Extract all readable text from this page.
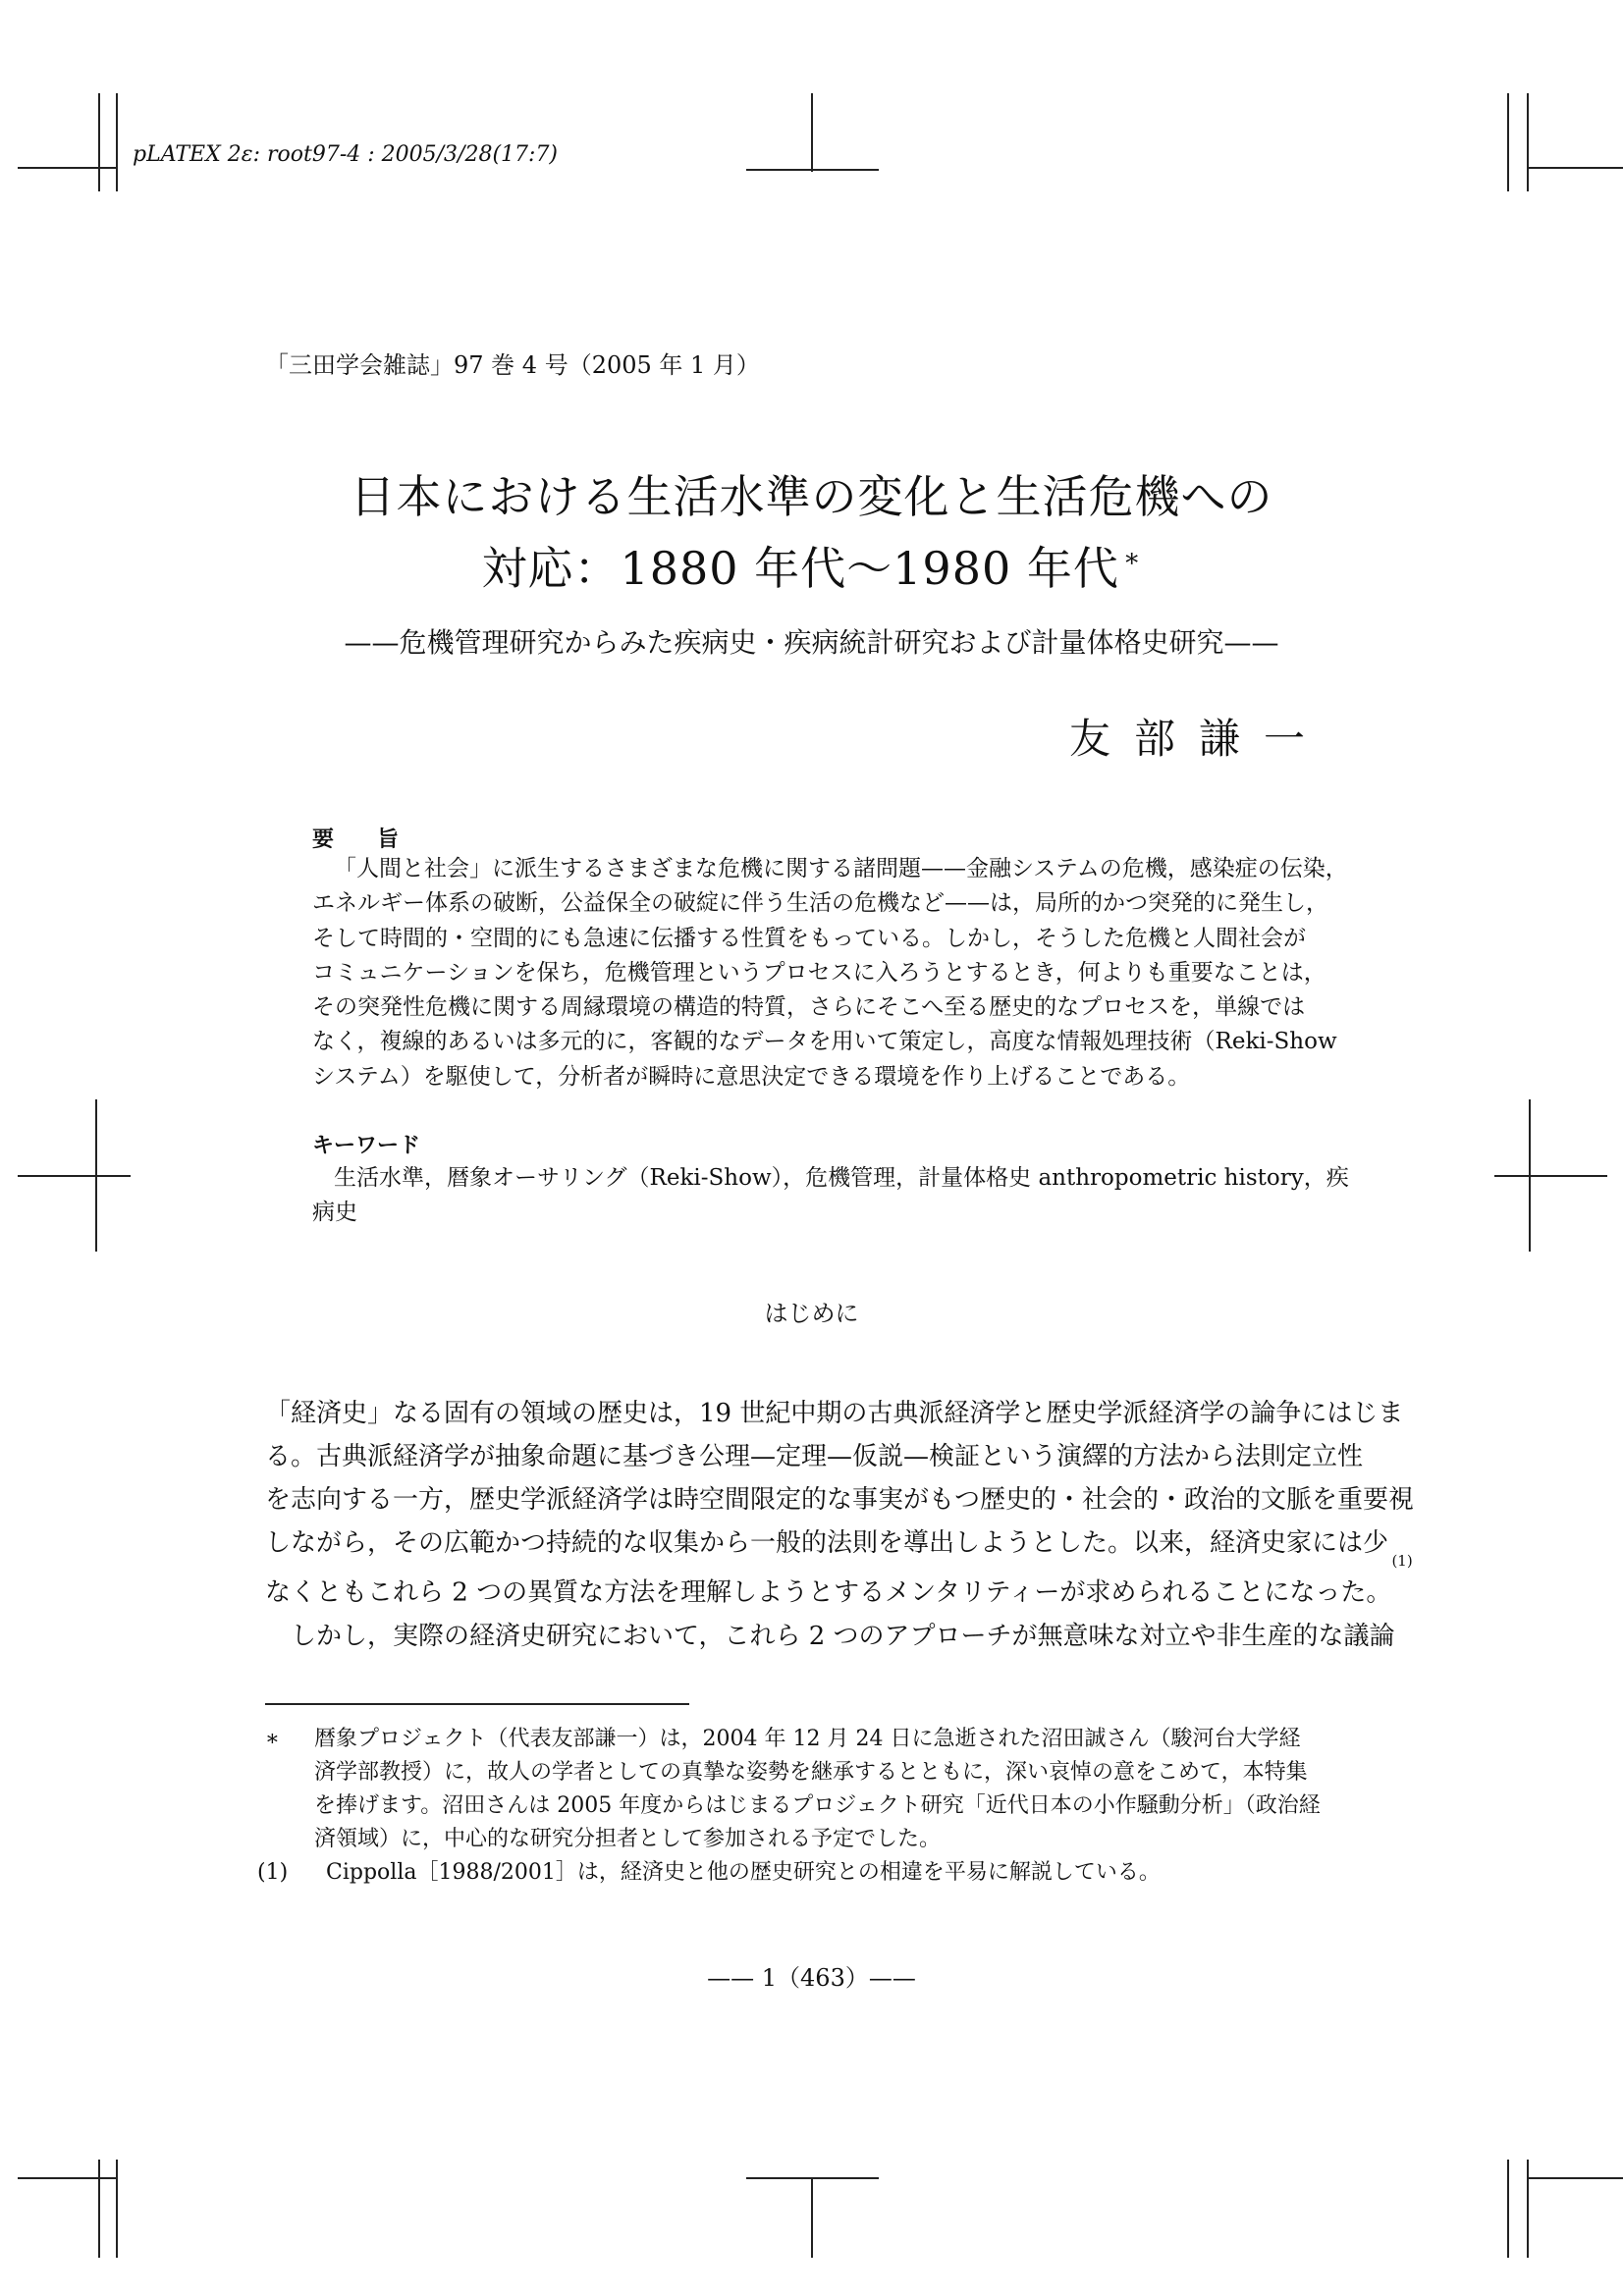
pLATEX 2ε: root97-4 : 2005/3/28(17:7)
「三田学会雑誌」97 巻 4 号（2005 年 1 月）
日本における生活水準の変化と生活危機への
対応：1880 年代〜1980 年代 ∗
——危機管理研究からみた疾病史・疾病統計研究および計量体格史研究——
友部謙一
要　　旨
「人間と社会」に派生するさまざまな危機に関する諸問題——金融システムの危機，感染症の伝染，
エネルギー体系の破断，公益保全の破綻に伴う生活の危機など——は，局所的かつ突発的に発生し，
そして時間的・空間的にも急速に伝播する性質をもっている。しかし，そうした危機と人間社会が
コミュニケーションを保ち，危機管理というプロセスに入ろうとするとき，何よりも重要なことは，
その突発性危機に関する周縁環境の構造的特質，さらにそこへ至る歴史的なプロセスを，単線では
なく，複線的あるいは多元的に，客観的なデータを用いて策定し，高度な情報処理技術（Reki-Show
システム）を駆使して，分析者が瞬時に意思決定できる環境を作り上げることである。
キーワード
生活水準，暦象オーサリング（Reki-Show），危機管理，計量体格史 anthropometric history，疾
病史
はじめに
「経済史」なる固有の領域の歴史は，19 世紀中期の古典派経済学と歴史学派経済学の論争にはじま
る。古典派経済学が抽象命題に基づき公理—定理—仮説—検証という演繹的方法から法則定立性
を志向する一方，歴史学派経済学は時空間限定的な事実がもつ歴史的・社会的・政治的文脈を重要視
しながら，その広範かつ持続的な収集から一般的法則を導出しようとした。以来，経済史家には少
なくともこれら 2 つの異質な方法を理解しようとするメンタリティーが求められることになった。$^{(1)}$
しかし，実際の経済史研究において，これら 2 つのアプローチが無意味な対立や非生産的な議論
∗ 暦象プロジェクト（代表友部謙一）は，2004 年 12 月 24 日に急逝された沼田誠さん（駿河台大学経
済学部教授）に，故人の学者としての真摯な姿勢を継承するとともに，深い哀悼の意をこめて，本特集
を捧げます。沼田さんは 2005 年度からはじまるプロジェクト研究「近代日本の小作騒動分析」（政治経
済領域）に，中心的な研究分担者として参加される予定でした。
(1)	Cippolla［1988/2001］は，経済史と他の歴史研究との相違を平易に解説している。
—— 1（463）——
